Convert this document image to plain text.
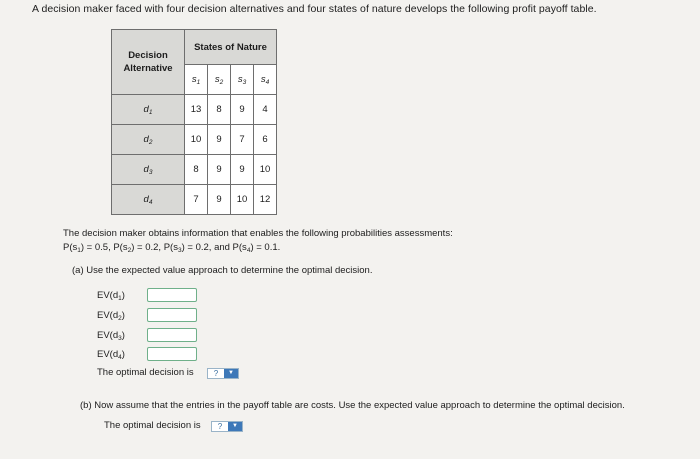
A decision maker faced with four decision alternatives and four states of nature develops the following profit payoff table.
Decision
Alternative	States of Nature			
	$s_1$	$s_2$	$s_3$	$s_4$
$d_1$	13	8	9	4
$d_2$	10	9	7	6
$d_3$	8	9	9	10
$d_4$	7	9	10	12
The decision maker obtains information that enables the following probabilities assessments:
$P(s_1) = 0.5$, $P(s_2) = 0.2$, $P(s_3) = 0.2$, and $P(s_4) = 0.1$.
(a) Use the expected value approach to determine the optimal decision.
$EV(d_1)$
$EV(d_2)$
$EV(d_3)$
$EV(d_4)$
The optimal decision is	?	▼
(b) Now assume that the entries in the payoff table are costs. Use the expected value approach to determine the optimal decision.
The optimal decision is	?	▼
